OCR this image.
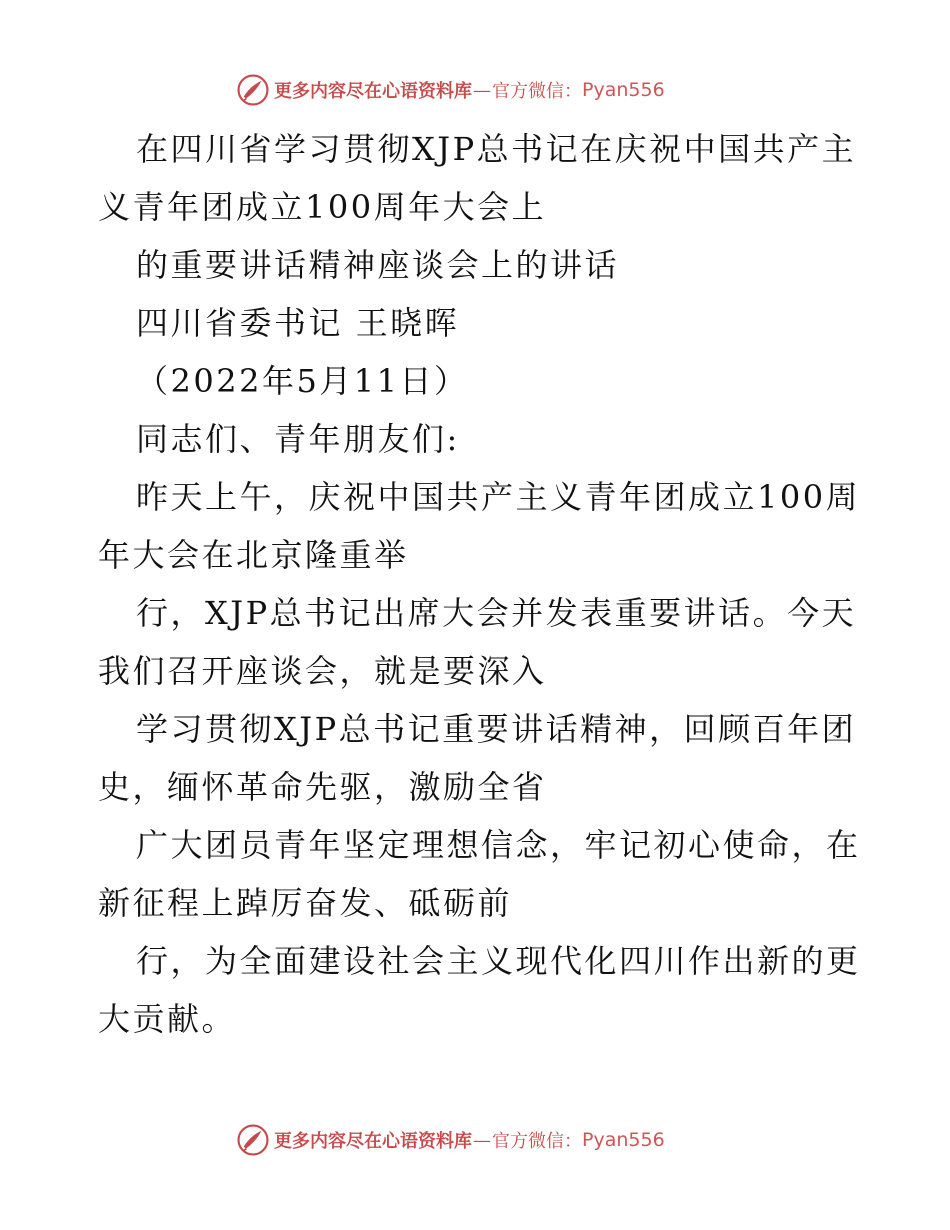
更多内容尽在心语资料库 — 官方微信： Pyan556
在四川省学习贯彻XJP总书记在庆祝中国共产主
义青年团成立100周年大会上
的重要讲话精神座谈会上的讲话
四川省委书记 王晓晖
（2022年5月11日）
同志们、青年朋友们:
昨天上午，庆祝中国共产主义青年团成立100周
年大会在北京隆重举
行，XJP总书记出席大会并发表重要讲话。今天
我们召开座谈会，就是要深入
学习贯彻XJP总书记重要讲话精神，回顾百年团
史，缅怀革命先驱，激励全省
广大团员青年坚定理想信念，牢记初心使命，在
新征程上踔厉奋发、砥砺前
行，为全面建设社会主义现代化四川作出新的更
大贡献。
更多内容尽在心语资料库 — 官方微信： Pyan556
